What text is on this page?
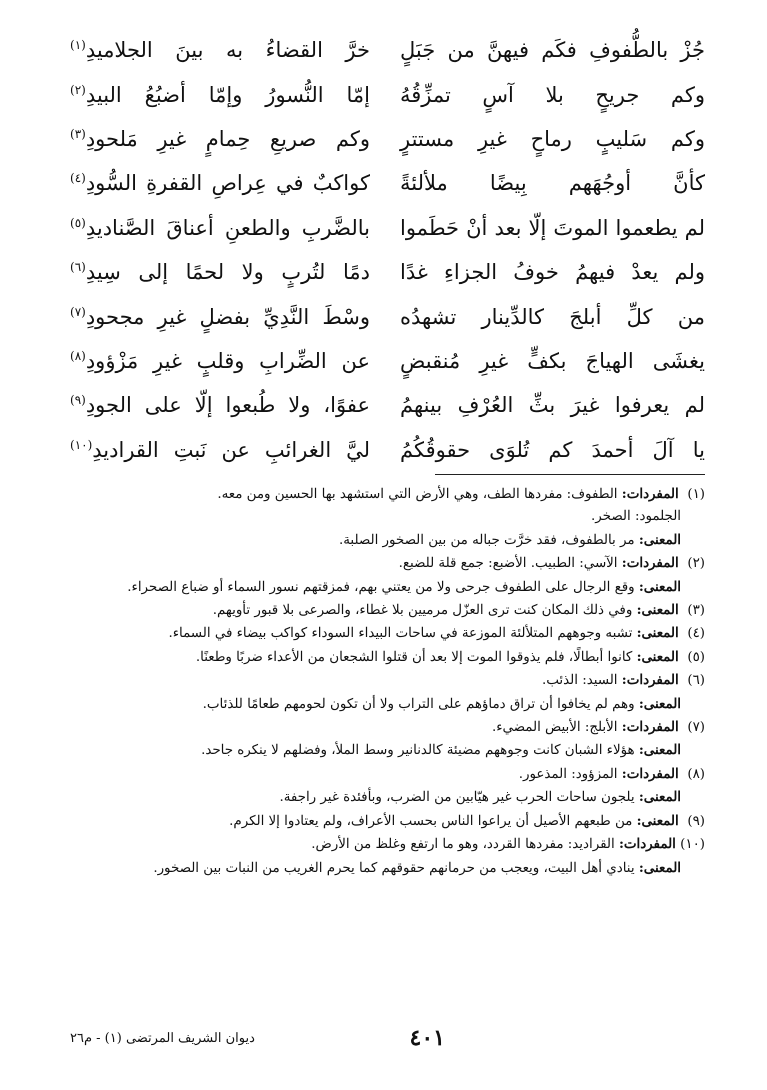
جُزْ بالطُّفوفِ فكَم فيهنَّ من جَبَلٍ
خرَّ القضاءُ به بينَ الجلاميدِ$^{(١)}$
وكم جريحٍ بلا آسٍ تمزِّقُهُ
إمّا النُّسورُ وإمّا أضبُعُ البيدِ$^{(٢)}$
وكم سَليبٍ رماحٍ غيرِ مستترٍ
وكم صريعِ حِمامٍ غيرِ مَلحودِ$^{(٣)}$
كأنَّ أوجُهَهم بِيضًا ملألئةً
كواكبٌ في عِراصِ القفرةِ السُّودِ$^{(٤)}$
لم يطعموا الموتَ إلّا بعد أنْ حَطَموا
بالضَّربِ والطعنِ أعناقَ الصَّناديدِ$^{(٥)}$
ولم يعدْ فيهمُ خوفُ الجزاءِ غدًا
دمًا لتُربٍ ولا لحمًا إلى سِيدِ$^{(٦)}$
من كلِّ أبلجَ كالدِّينار تشهدُه
وسْطَ النَّدِيِّ بفضلٍ غيرِ مجحودِ$^{(٧)}$
يغشَى الهياجَ بكفٍّ غيرِ مُنقبضٍ
عن الضِّرابِ وقلبٍ غيرِ مَزْؤودِ$^{(٨)}$
لم يعرفوا غيرَ بثِّ العُرْفِ بينهمُ
عفوًا، ولا طُبعوا إلّا على الجودِ$^{(٩)}$
يا آلَ أحمدَ كم تُلوَى حقوقُكُمُ
ليَّ الغرائبِ عن نَبتِ القراديدِ$^{(١٠)}$

(١) المفردات: الطفوف: مفردها الطف، وهي الأرض التي استشهد بها الحسين ومن معه.

الجلمود: الصخر.

المعنى: مر بالطفوف، فقد خرَّت جباله من بين الصخور الصلبة.

(٢) المفردات: الآسي: الطبيب. الأضبع: جمع قلة للضبع.

المعنى: وقع الرجال على الطفوف جرحى ولا من يعتني بهم، فمزقتهم نسور السماء أو ضباع الصحراء.

(٣) المعنى: وفي ذلك المكان كنت ترى العزّل مرميين بلا غطاء، والصرعى بلا قبور تأويهم.

(٤) المعنى: تشبه وجوههم المتلألئة الموزعة في ساحات البيداء السوداء كواكب بيضاء في السماء.

(٥) المعنى: كانوا أبطالًا، فلم يذوقوا الموت إلا بعد أن قتلوا الشجعان من الأعداء ضربًا وطعنًا.

(٦) المفردات: السيد: الذئب.

المعنى: وهم لم يخافوا أن تراق دماؤهم على التراب ولا أن تكون لحومهم طعامًا للذئاب.

(٧) المفردات: الأبلج: الأبيض المضيء.

المعنى: هؤلاء الشبان كانت وجوههم مضيئة كالدنانير وسط الملأ، وفضلهم لا ينكره جاحد.

(٨) المفردات: المزؤود: المذعور.

المعنى: يلجون ساحات الحرب غير هيّابين من الضرب، وبأفئدة غير راجفة.

(٩) المعنى: من طبعهم الأصيل أن يراعوا الناس بحسب الأعراف، ولم يعتادوا إلا الكرم.

(١٠) المفردات: القراديد: مفردها القردد، وهو ما ارتفع وغلظ من الأرض.

المعنى: ينادي أهل البيت، ويعجب من حرمانهم حقوقهم كما يحرم الغريب من النبات بين الصخور.

٤٠١
ديوان الشريف المرتضى (١) - م٢٦
